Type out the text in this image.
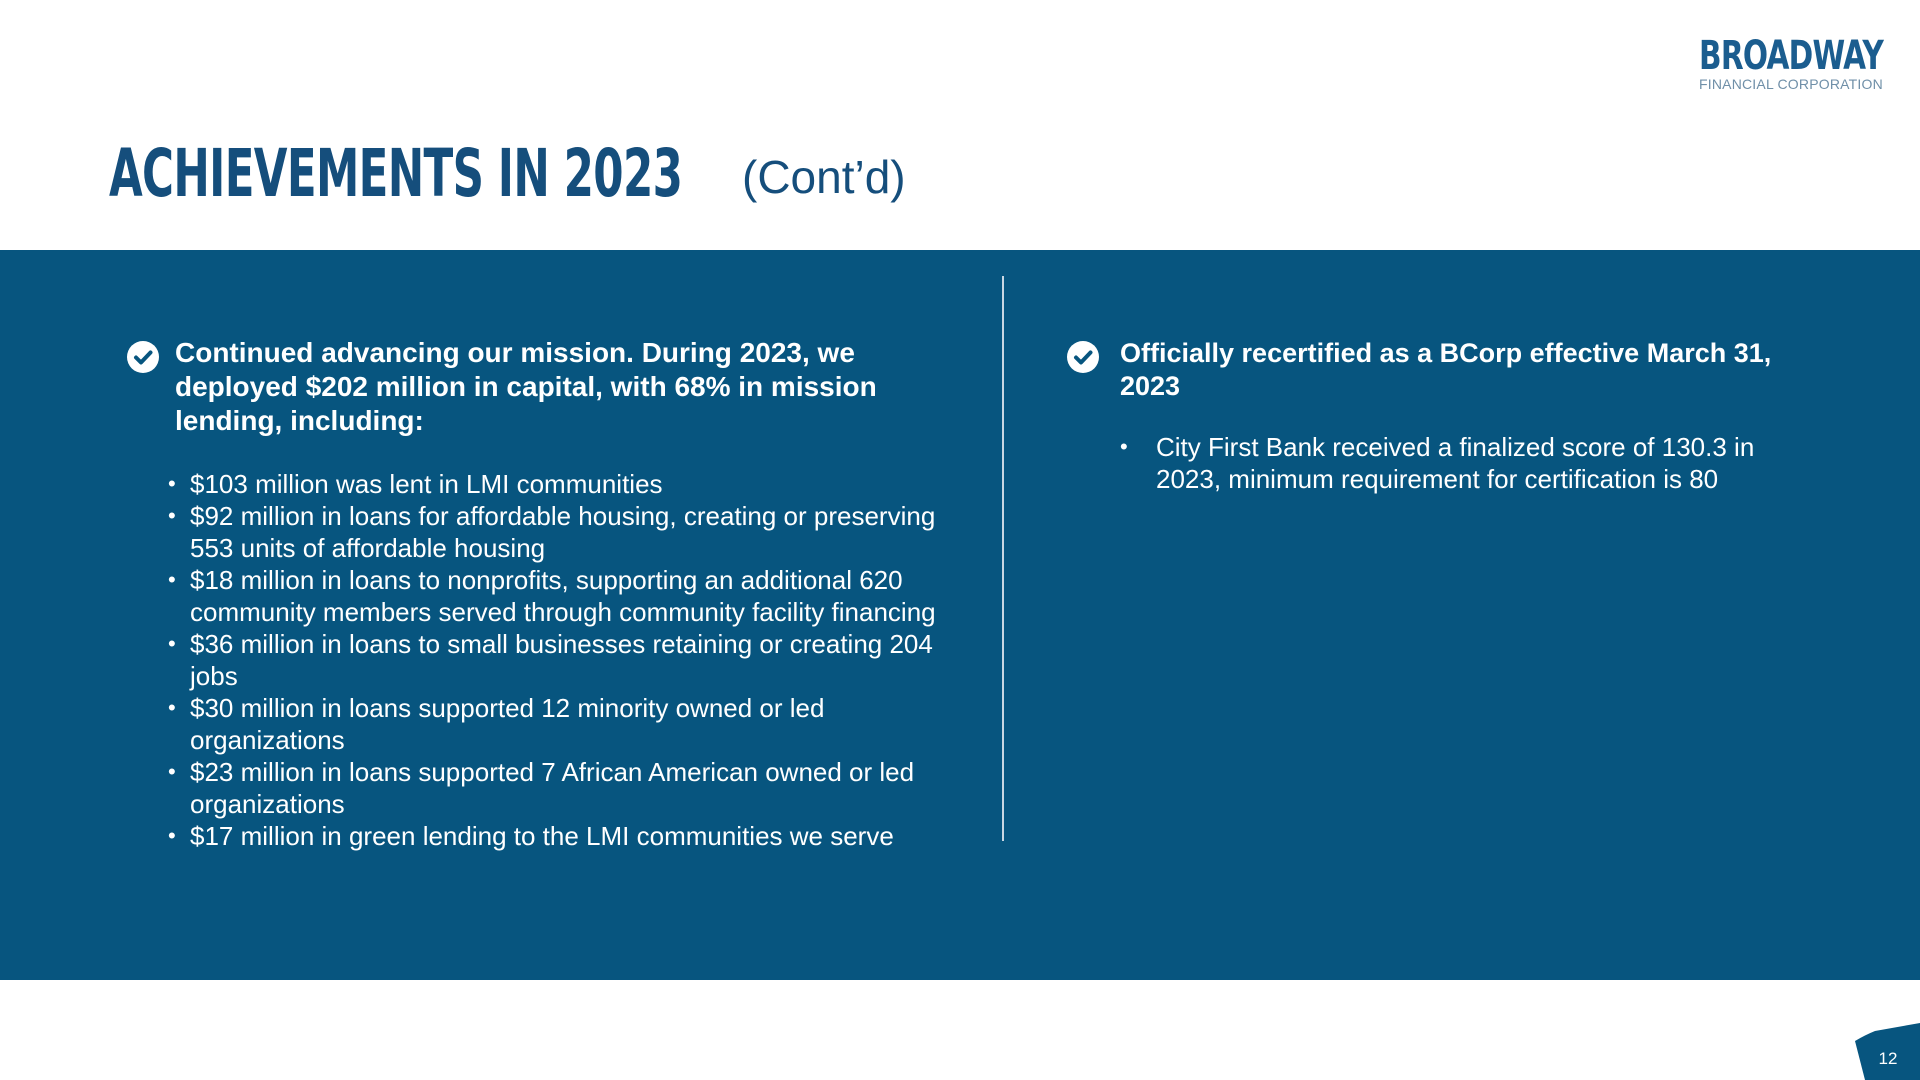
BROADWAY
FINANCIAL CORPORATION
ACHIEVEMENTS IN 2023 (Cont’d)
Continued advancing our mission. During 2023, we deployed $202 million in capital, with 68% in mission lending, including:
• $103 million was lent in LMI communities
• $92 million in loans for affordable housing, creating or preserving 553 units of affordable housing
• $18 million in loans to nonprofits, supporting an additional 620 community members served through community facility financing
• $36 million in loans to small businesses retaining or creating 204 jobs
• $30 million in loans supported 12 minority owned or led organizations
• $23 million in loans supported 7 African American owned or led organizations
• $17 million in green lending to the LMI communities we serve
Officially recertified as a BCorp effective March 31, 2023
• City First Bank received a finalized score of 130.3 in 2023, minimum requirement for certification is 80
12
